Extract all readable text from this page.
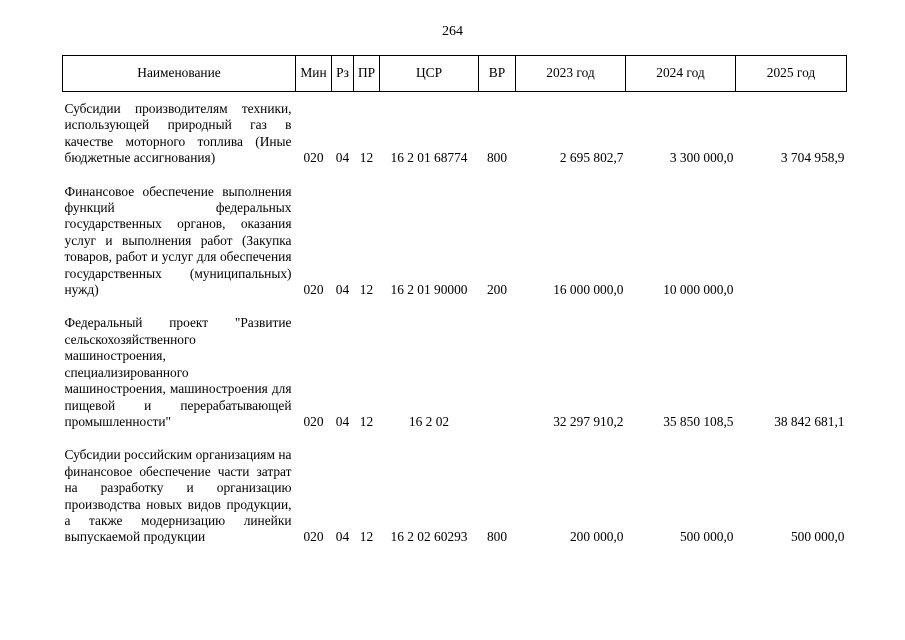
264
Наименование	Мин	Рз	ПР	ЦСР	ВР	2023 год	2024 год	2025 год
Субсидии производителям техники, использующей природный газ в качестве моторного топлива (Иные бюджетные ассигнования)	020	04	12	16 2 01 68774	800	2 695 802,7	3 300 000,0	3 704 958,9
Финансовое обеспечение выполнения функций федеральных государственных органов, оказания услуг и выполнения работ (Закупка товаров, работ и услуг для обеспечения государственных (муниципальных) нужд)	020	04	12	16 2 01 90000	200	16 000 000,0	10 000 000,0	
Федеральный проект "Развитие сельскохозяйственного машиностроения, специализированного машиностроения, машиностроения для пищевой и перерабатывающей промышленности"	020	04	12	16 2 02		32 297 910,2	35 850 108,5	38 842 681,1
Субсидии российским организациям на финансовое обеспечение части затрат на разработку и организацию производства новых видов продукции, а также модернизацию линейки выпускаемой продукции	020	04	12	16 2 02 60293	800	200 000,0	500 000,0	500 000,0
